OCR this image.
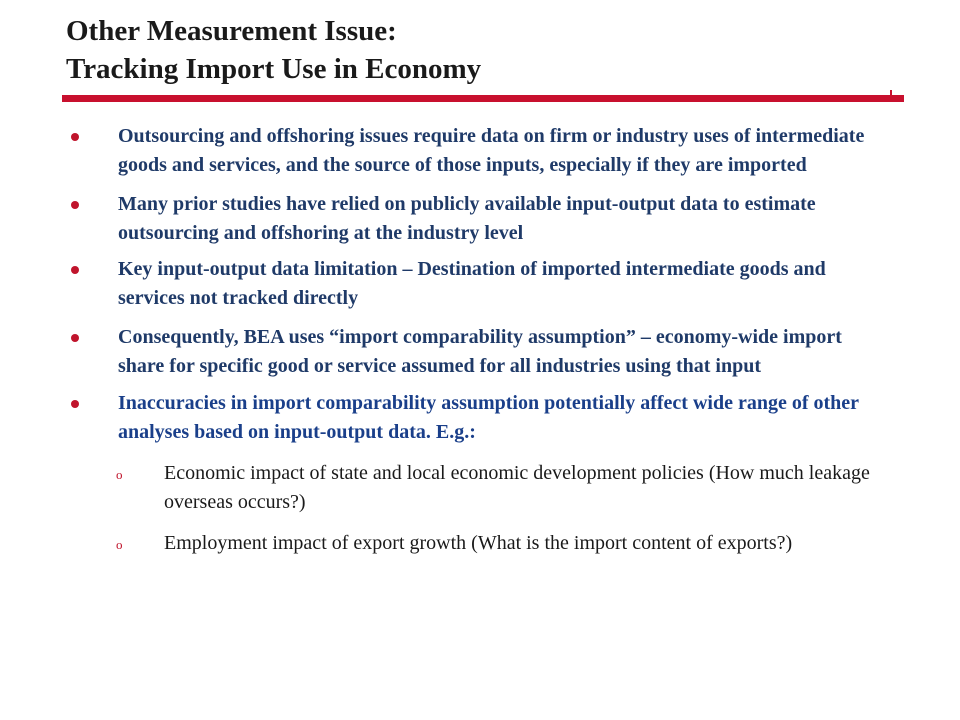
Other Measurement Issue:
Tracking Import Use in Economy
Outsourcing and offshoring issues require data on firm or industry uses of intermediate goods and services, and the source of those inputs, especially if they are imported
Many prior studies have relied on publicly available input-output data to estimate outsourcing and offshoring at the industry level
Key input-output data limitation – Destination of imported intermediate goods and services not tracked directly
Consequently, BEA uses “import comparability assumption” – economy-wide import share for specific good or service assumed for all industries using that input
Inaccuracies in import comparability assumption potentially affect wide range of other analyses based on input-output data. E.g.:
o Economic impact of state and local economic development policies (How much leakage overseas occurs?)
o Employment impact of export growth (What is the import content of exports?)
